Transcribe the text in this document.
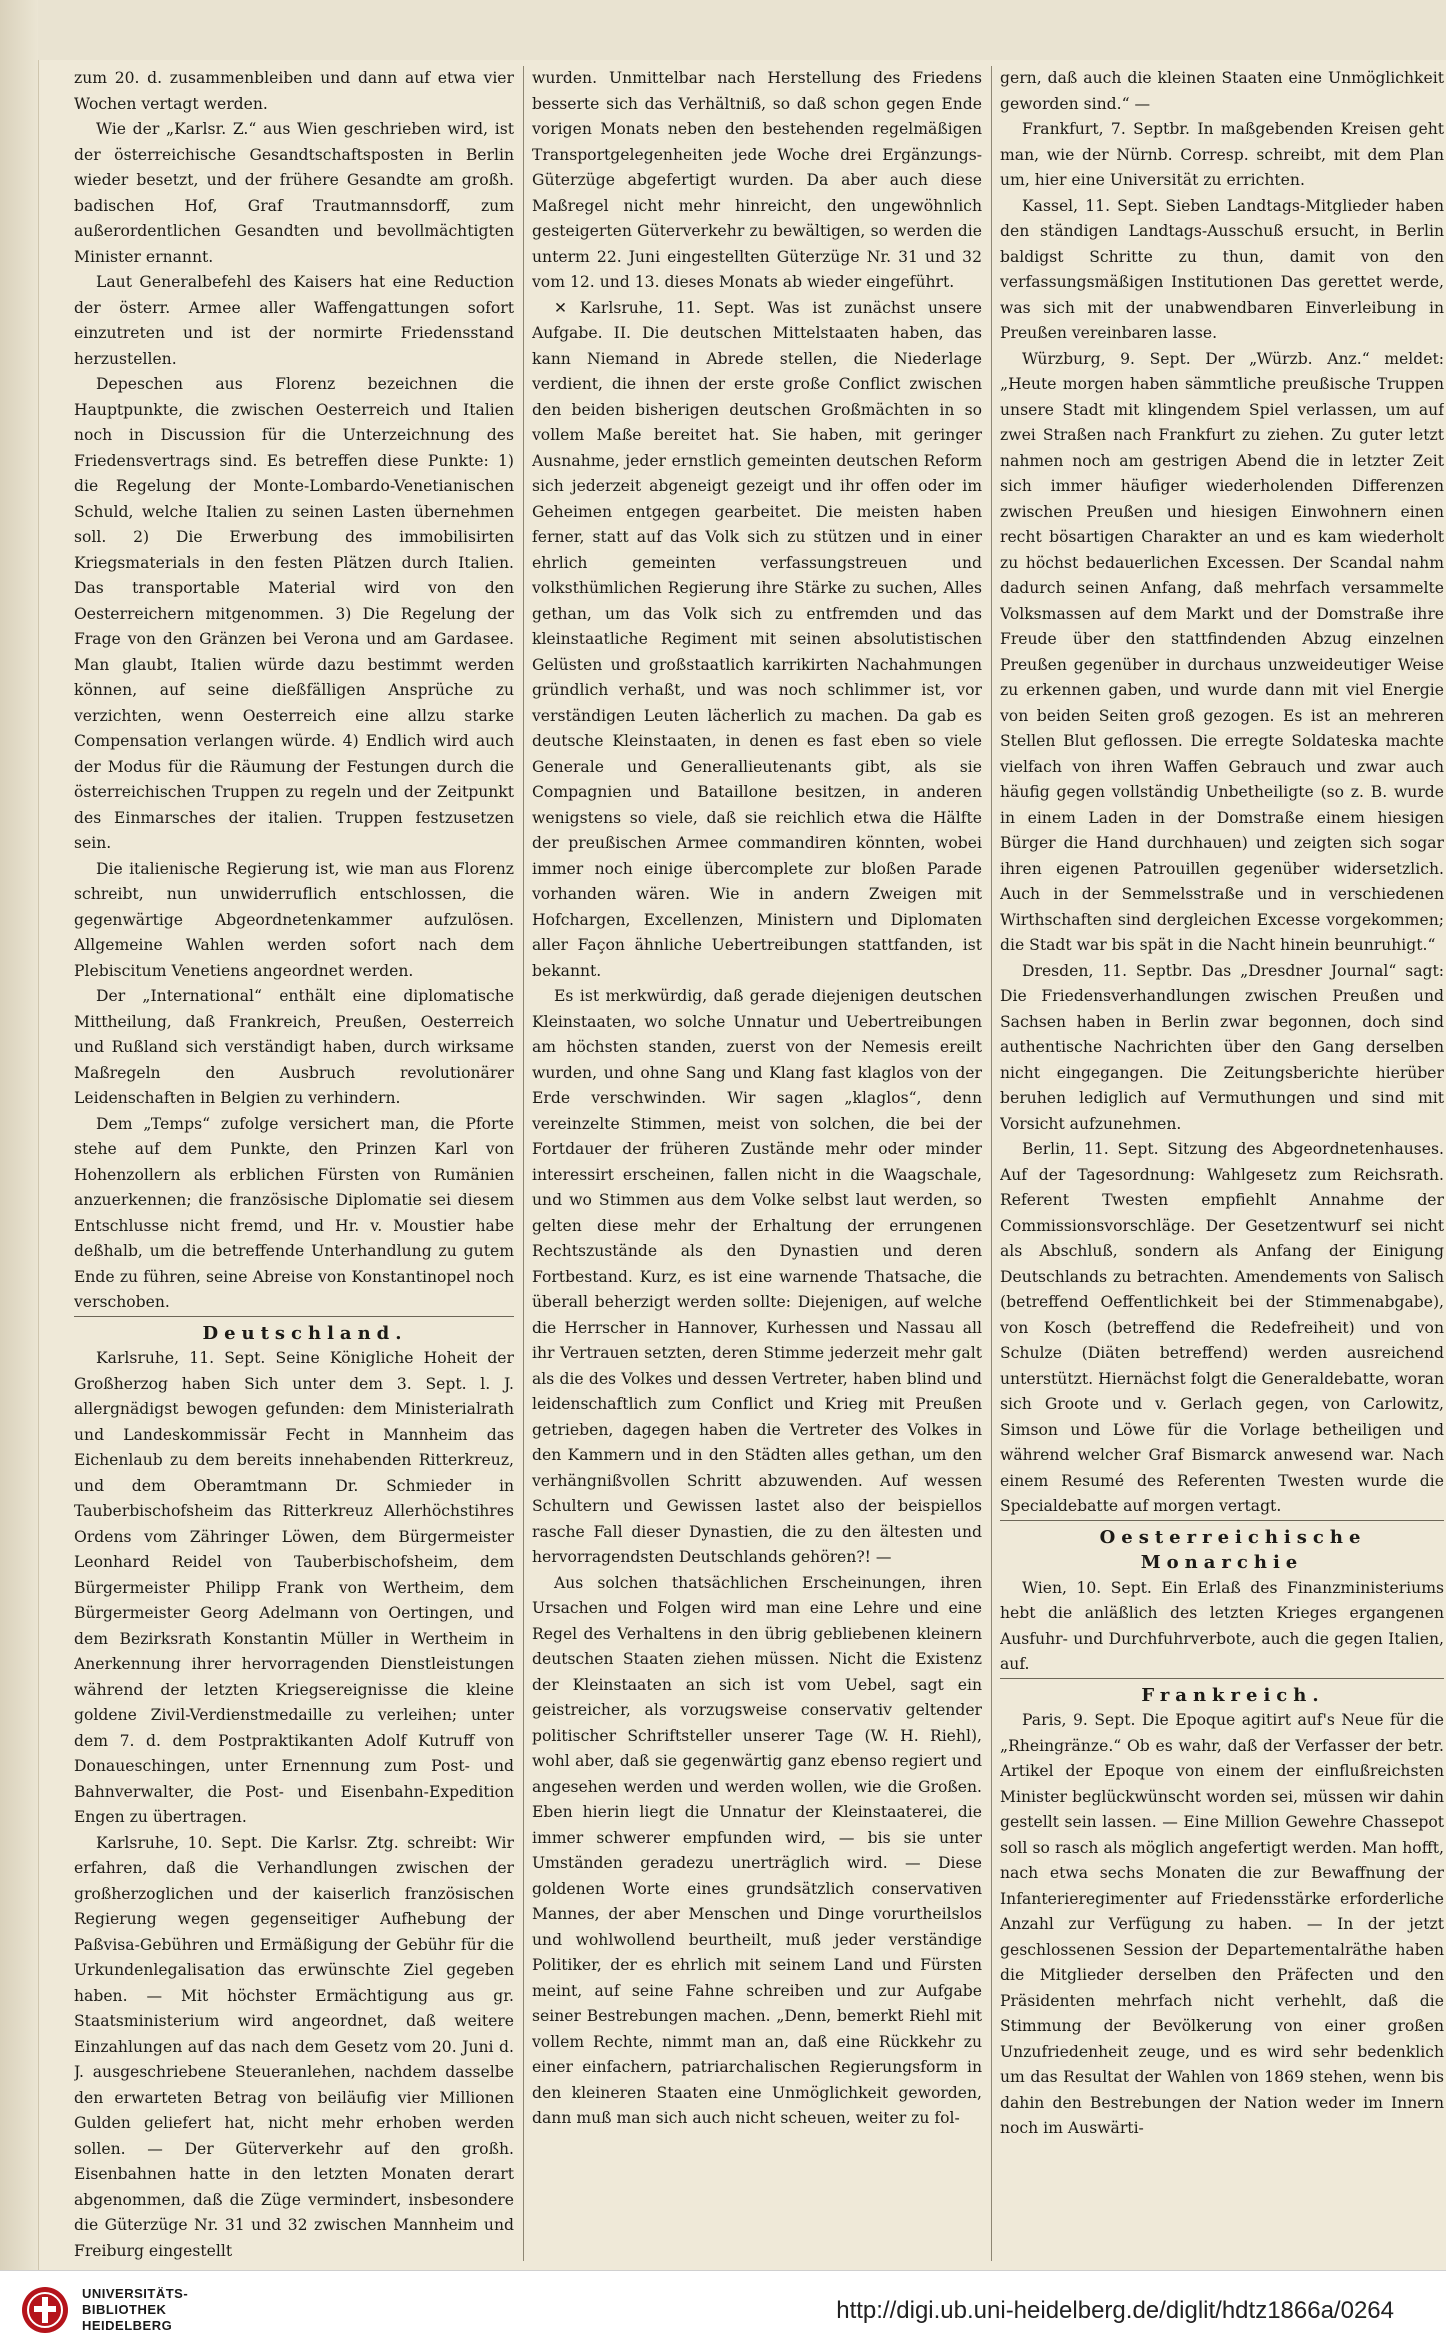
zum 20. d. zusammenbleiben und dann auf etwa vier Wochen vertagt werden.

Wie der „Karlsr. Z.“ aus Wien geschrieben wird, ist der österreichische Gesandtschaftsposten in Berlin wieder besetzt, und der frühere Gesandte am großh. badischen Hof, Graf Trautmannsdorff, zum außerordentlichen Gesandten und bevollmächtigten Minister ernannt.

Laut Generalbefehl des Kaisers hat eine Reduction der österr. Armee aller Waffengattungen sofort einzutreten und ist der normirte Friedensstand herzustellen.

Depeschen aus Florenz bezeichnen die Hauptpunkte, die zwischen Oesterreich und Italien noch in Discussion für die Unterzeichnung des Friedensvertrags sind. Es betreffen diese Punkte: 1) die Regelung der Monte-Lombardo-Venetianischen Schuld, welche Italien zu seinen Lasten übernehmen soll. 2) Die Erwerbung des immobilisirten Kriegsmaterials in den festen Plätzen durch Italien. Das transportable Material wird von den Oesterreichern mitgenommen. 3) Die Regelung der Frage von den Gränzen bei Verona und am Gardasee. Man glaubt, Italien würde dazu bestimmt werden können, auf seine dießfälligen Ansprüche zu verzichten, wenn Oesterreich eine allzu starke Compensation verlangen würde. 4) Endlich wird auch der Modus für die Räumung der Festungen durch die österreichischen Truppen zu regeln und der Zeitpunkt des Einmarsches der italien. Truppen festzusetzen sein.

Die italienische Regierung ist, wie man aus Florenz schreibt, nun unwiderruflich entschlossen, die gegenwärtige Abgeordnetenkammer aufzulösen. Allgemeine Wahlen werden sofort nach dem Plebiscitum Venetiens angeordnet werden.

Der „International“ enthält eine diplomatische Mittheilung, daß Frankreich, Preußen, Oesterreich und Rußland sich verständigt haben, durch wirksame Maßregeln den Ausbruch revolutionärer Leidenschaften in Belgien zu verhindern.

Dem „Temps“ zufolge versichert man, die Pforte stehe auf dem Punkte, den Prinzen Karl von Hohenzollern als erblichen Fürsten von Rumänien anzuerkennen; die französische Diplomatie sei diesem Entschlusse nicht fremd, und Hr. v. Moustier habe deßhalb, um die betreffende Unterhandlung zu gutem Ende zu führen, seine Abreise von Konstantinopel noch verschoben.

Deutschland.

Karlsruhe, 11. Sept. Seine Königliche Hoheit der Großherzog haben Sich unter dem 3. Sept. l. J. allergnädigst bewogen gefunden: dem Ministerialrath und Landeskommissär Fecht in Mannheim das Eichenlaub zu dem bereits innehabenden Ritterkreuz, und dem Oberamtmann Dr. Schmieder in Tauberbischofsheim das Ritterkreuz Allerhöchstihres Ordens vom Zähringer Löwen, dem Bürgermeister Leonhard Reidel von Tauberbischofsheim, dem Bürgermeister Philipp Frank von Wertheim, dem Bürgermeister Georg Adelmann von Oertingen, und dem Bezirksrath Konstantin Müller in Wertheim in Anerkennung ihrer hervorragenden Dienstleistungen während der letzten Kriegsereignisse die kleine goldene Zivil-Verdienstmedaille zu verleihen; unter dem 7. d. dem Postpraktikanten Adolf Kutruff von Donaueschingen, unter Ernennung zum Post- und Bahnverwalter, die Post- und Eisenbahn-Expedition Engen zu übertragen.

Karlsruhe, 10. Sept. Die Karlsr. Ztg. schreibt: Wir erfahren, daß die Verhandlungen zwischen der großherzoglichen und der kaiserlich französischen Regierung wegen gegenseitiger Aufhebung der Paßvisa-Gebühren und Ermäßigung der Gebühr für die Urkundenlegalisation das erwünschte Ziel gegeben haben. — Mit höchster Ermächtigung aus gr. Staatsministerium wird angeordnet, daß weitere Einzahlungen auf das nach dem Gesetz vom 20. Juni d. J. ausgeschriebene Steueranlehen, nachdem dasselbe den erwarteten Betrag von beiläufig vier Millionen Gulden geliefert hat, nicht mehr erhoben werden sollen. — Der Güterverkehr auf den großh. Eisenbahnen hatte in den letzten Monaten derart abgenommen, daß die Züge vermindert, insbesondere die Güterzüge Nr. 31 und 32 zwischen Mannheim und Freiburg eingestellt

wurden. Unmittelbar nach Herstellung des Friedens besserte sich das Verhältniß, so daß schon gegen Ende vorigen Monats neben den bestehenden regelmäßigen Transportgelegenheiten jede Woche drei Ergänzungs-Güterzüge abgefertigt wurden. Da aber auch diese Maßregel nicht mehr hinreicht, den ungewöhnlich gesteigerten Güterverkehr zu bewältigen, so werden die unterm 22. Juni eingestellten Güterzüge Nr. 31 und 32 vom 12. und 13. dieses Monats ab wieder eingeführt.

✕ Karlsruhe, 11. Sept. Was ist zunächst unsere Aufgabe. II. Die deutschen Mittelstaaten haben, das kann Niemand in Abrede stellen, die Niederlage verdient, die ihnen der erste große Conflict zwischen den beiden bisherigen deutschen Großmächten in so vollem Maße bereitet hat. Sie haben, mit geringer Ausnahme, jeder ernstlich gemeinten deutschen Reform sich jederzeit abgeneigt gezeigt und ihr offen oder im Geheimen entgegen gearbeitet. Die meisten haben ferner, statt auf das Volk sich zu stützen und in einer ehrlich gemeinten verfassungstreuen und volksthümlichen Regierung ihre Stärke zu suchen, Alles gethan, um das Volk sich zu entfremden und das kleinstaatliche Regiment mit seinen absolutistischen Gelüsten und großstaatlich karrikirten Nachahmungen gründlich verhaßt, und was noch schlimmer ist, vor verständigen Leuten lächerlich zu machen. Da gab es deutsche Kleinstaaten, in denen es fast eben so viele Generale und Generallieutenants gibt, als sie Compagnien und Bataillone besitzen, in anderen wenigstens so viele, daß sie reichlich etwa die Hälfte der preußischen Armee commandiren könnten, wobei immer noch einige übercomplete zur bloßen Parade vorhanden wären. Wie in andern Zweigen mit Hofchargen, Excellenzen, Ministern und Diplomaten aller Façon ähnliche Uebertreibungen stattfanden, ist bekannt.

Es ist merkwürdig, daß gerade diejenigen deutschen Kleinstaaten, wo solche Unnatur und Uebertreibungen am höchsten standen, zuerst von der Nemesis ereilt wurden, und ohne Sang und Klang fast klaglos von der Erde verschwinden. Wir sagen „klaglos“, denn vereinzelte Stimmen, meist von solchen, die bei der Fortdauer der früheren Zustände mehr oder minder interessirt erscheinen, fallen nicht in die Waagschale, und wo Stimmen aus dem Volke selbst laut werden, so gelten diese mehr der Erhaltung der errungenen Rechtszustände als den Dynastien und deren Fortbestand. Kurz, es ist eine warnende Thatsache, die überall beherzigt werden sollte: Diejenigen, auf welche die Herrscher in Hannover, Kurhessen und Nassau all ihr Vertrauen setzten, deren Stimme jederzeit mehr galt als die des Volkes und dessen Vertreter, haben blind und leidenschaftlich zum Conflict und Krieg mit Preußen getrieben, dagegen haben die Vertreter des Volkes in den Kammern und in den Städten alles gethan, um den verhängnißvollen Schritt abzuwenden. Auf wessen Schultern und Gewissen lastet also der beispiellos rasche Fall dieser Dynastien, die zu den ältesten und hervorragendsten Deutschlands gehören?! —

Aus solchen thatsächlichen Erscheinungen, ihren Ursachen und Folgen wird man eine Lehre und eine Regel des Verhaltens in den übrig gebliebenen kleinern deutschen Staaten ziehen müssen. Nicht die Existenz der Kleinstaaten an sich ist vom Uebel, sagt ein geistreicher, als vorzugsweise conservativ geltender politischer Schriftsteller unserer Tage (W. H. Riehl), wohl aber, daß sie gegenwärtig ganz ebenso regiert und angesehen werden und werden wollen, wie die Großen. Eben hierin liegt die Unnatur der Kleinstaaterei, die immer schwerer empfunden wird, — bis sie unter Umständen geradezu unerträglich wird. — Diese goldenen Worte eines grundsätzlich conservativen Mannes, der aber Menschen und Dinge vorurtheilslos und wohlwollend beurtheilt, muß jeder verständige Politiker, der es ehrlich mit seinem Land und Fürsten meint, auf seine Fahne schreiben und zur Aufgabe seiner Bestrebungen machen. „Denn, bemerkt Riehl mit vollem Rechte, nimmt man an, daß eine Rückkehr zu einer einfachern, patriarchalischen Regierungsform in den kleineren Staaten eine Unmöglichkeit geworden, dann muß man sich auch nicht scheuen, weiter zu fol-

gern, daß auch die kleinen Staaten eine Unmöglichkeit geworden sind.“ —

Frankfurt, 7. Septbr. In maßgebenden Kreisen geht man, wie der Nürnb. Corresp. schreibt, mit dem Plan um, hier eine Universität zu errichten.

Kassel, 11. Sept. Sieben Landtags-Mitglieder haben den ständigen Landtags-Ausschuß ersucht, in Berlin baldigst Schritte zu thun, damit von den verfassungsmäßigen Institutionen Das gerettet werde, was sich mit der unabwendbaren Einverleibung in Preußen vereinbaren lasse.

Würzburg, 9. Sept. Der „Würzb. Anz.“ meldet: „Heute morgen haben sämmtliche preußische Truppen unsere Stadt mit klingendem Spiel verlassen, um auf zwei Straßen nach Frankfurt zu ziehen. Zu guter letzt nahmen noch am gestrigen Abend die in letzter Zeit sich immer häufiger wiederholenden Differenzen zwischen Preußen und hiesigen Einwohnern einen recht bösartigen Charakter an und es kam wiederholt zu höchst bedauerlichen Excessen. Der Scandal nahm dadurch seinen Anfang, daß mehrfach versammelte Volksmassen auf dem Markt und der Domstraße ihre Freude über den stattfindenden Abzug einzelnen Preußen gegenüber in durchaus unzweideutiger Weise zu erkennen gaben, und wurde dann mit viel Energie von beiden Seiten groß gezogen. Es ist an mehreren Stellen Blut geflossen. Die erregte Soldateska machte vielfach von ihren Waffen Gebrauch und zwar auch häufig gegen vollständig Unbetheiligte (so z. B. wurde in einem Laden in der Domstraße einem hiesigen Bürger die Hand durchhauen) und zeigten sich sogar ihren eigenen Patrouillen gegenüber widersetzlich. Auch in der Semmelsstraße und in verschiedenen Wirthschaften sind dergleichen Excesse vorgekommen; die Stadt war bis spät in die Nacht hinein beunruhigt.“

Dresden, 11. Septbr. Das „Dresdner Journal“ sagt: Die Friedensverhandlungen zwischen Preußen und Sachsen haben in Berlin zwar begonnen, doch sind authentische Nachrichten über den Gang derselben nicht eingegangen. Die Zeitungsberichte hierüber beruhen lediglich auf Vermuthungen und sind mit Vorsicht aufzunehmen.

Berlin, 11. Sept. Sitzung des Abgeordnetenhauses. Auf der Tagesordnung: Wahlgesetz zum Reichsrath. Referent Twesten empfiehlt Annahme der Commissionsvorschläge. Der Gesetzentwurf sei nicht als Abschluß, sondern als Anfang der Einigung Deutschlands zu betrachten. Amendements von Salisch (betreffend Oeffentlichkeit bei der Stimmenabgabe), von Kosch (betreffend die Redefreiheit) und von Schulze (Diäten betreffend) werden ausreichend unterstützt. Hiernächst folgt die Generaldebatte, woran sich Groote und v. Gerlach gegen, von Carlowitz, Simson und Löwe für die Vorlage betheiligen und während welcher Graf Bismarck anwesend war. Nach einem Resumé des Referenten Twesten wurde die Specialdebatte auf morgen vertagt.

Oesterreichische Monarchie

Wien, 10. Sept. Ein Erlaß des Finanzministeriums hebt die anläßlich des letzten Krieges ergangenen Ausfuhr- und Durchfuhrverbote, auch die gegen Italien, auf.

Frankreich.

Paris, 9. Sept. Die Epoque agitirt auf's Neue für die „Rheingränze.“ Ob es wahr, daß der Verfasser der betr. Artikel der Epoque von einem der einflußreichsten Minister beglückwünscht worden sei, müssen wir dahin gestellt sein lassen. — Eine Million Gewehre Chassepot soll so rasch als möglich angefertigt werden. Man hofft, nach etwa sechs Monaten die zur Bewaffnung der Infanterieregimenter auf Friedensstärke erforderliche Anzahl zur Verfügung zu haben. — In der jetzt geschlossenen Session der Departementalräthe haben die Mitglieder derselben den Präfecten und den Präsidenten mehrfach nicht verhehlt, daß die Stimmung der Bevölkerung von einer großen Unzufriedenheit zeuge, und es wird sehr bedenklich um das Resultat der Wahlen von 1869 stehen, wenn bis dahin den Bestrebungen der Nation weder im Innern noch im Auswärti-

UNIVERSITÄTS-
BIBLIOTHEK
HEIDELBERG
http://digi.ub.uni-heidelberg.de/diglit/hdtz1866a/0264
